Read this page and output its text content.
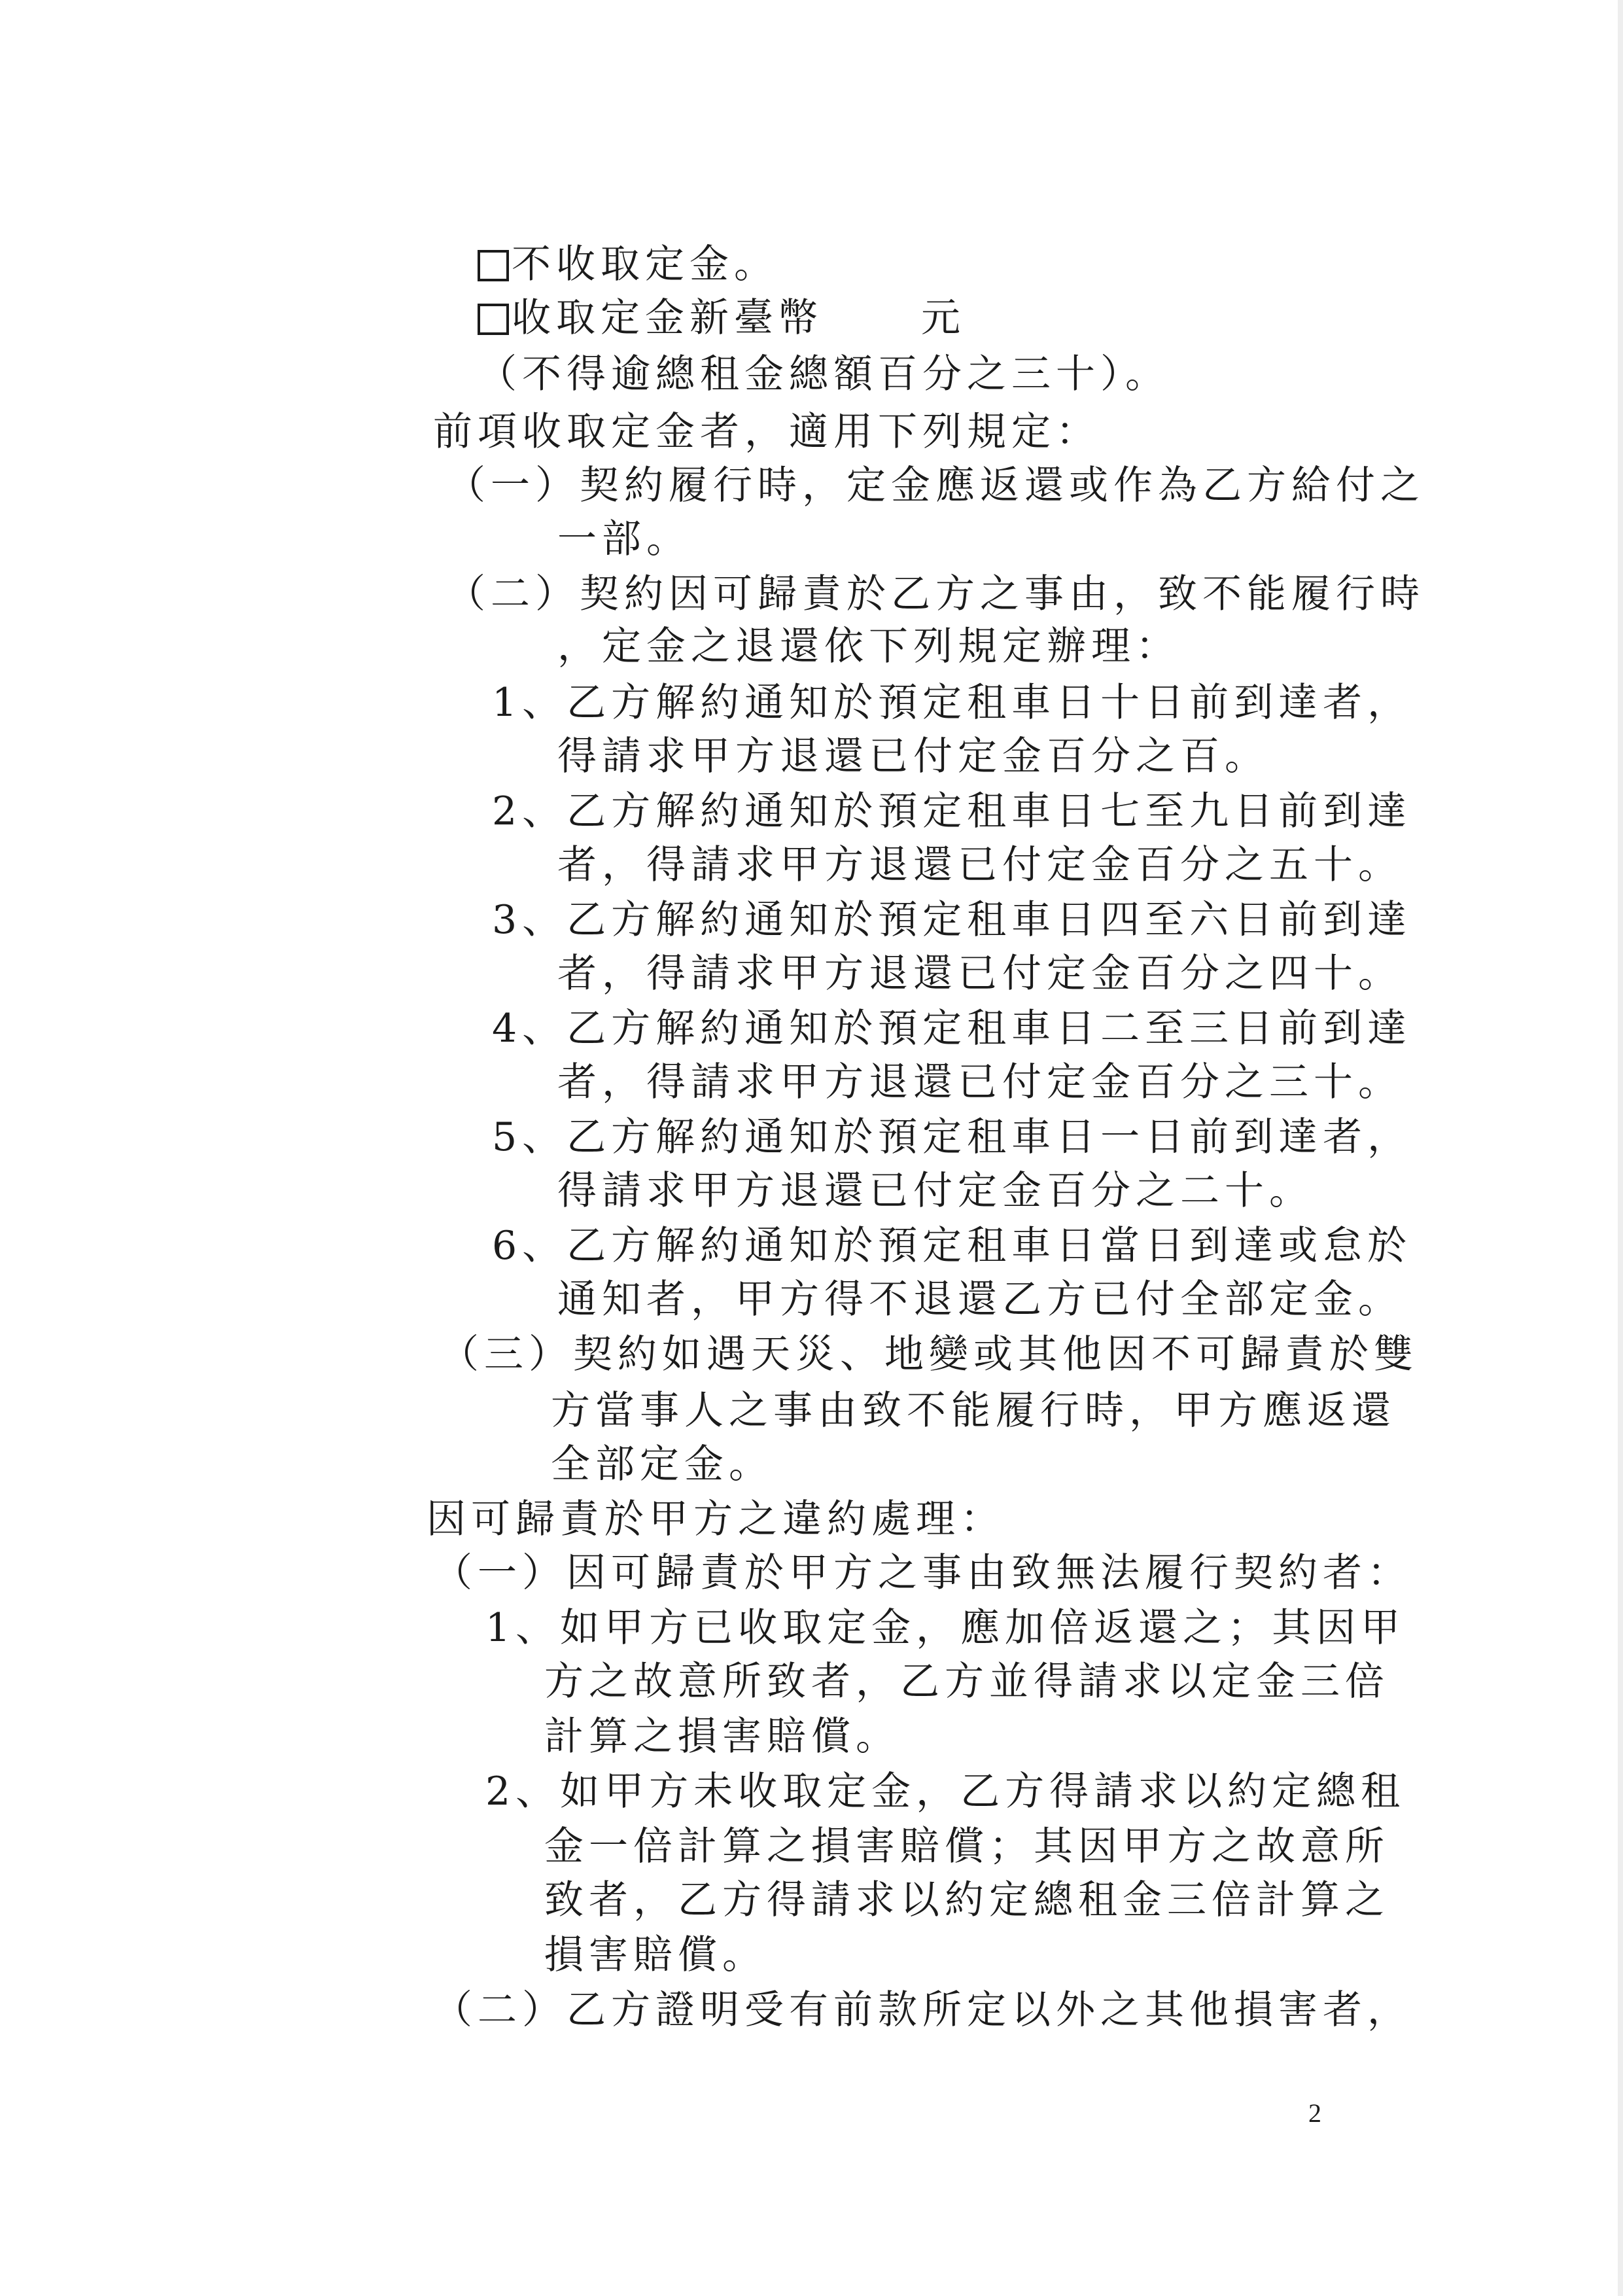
不收取定金。
收取定金新臺幣	元
（不得逾總租金總額百分之三十）。
前項收取定金者，適用下列規定：
（一）契約履行時，定金應返還或作為乙方給付之
一部。
（二）契約因可歸責於乙方之事由，致不能履行時
，定金之退還依下列規定辦理：
1、乙方解約通知於預定租車日十日前到達者，
得請求甲方退還已付定金百分之百。
2、乙方解約通知於預定租車日七至九日前到達
者，得請求甲方退還已付定金百分之五十。
3、乙方解約通知於預定租車日四至六日前到達
者，得請求甲方退還已付定金百分之四十。
4、乙方解約通知於預定租車日二至三日前到達
者，得請求甲方退還已付定金百分之三十。
5、乙方解約通知於預定租車日一日前到達者，
得請求甲方退還已付定金百分之二十。
6、乙方解約通知於預定租車日當日到達或怠於
通知者，甲方得不退還乙方已付全部定金。
（三）契約如遇天災、地變或其他因不可歸責於雙
方當事人之事由致不能履行時，甲方應返還
全部定金。
因可歸責於甲方之違約處理：
（一）因可歸責於甲方之事由致無法履行契約者：
1、如甲方已收取定金，應加倍返還之；其因甲
方之故意所致者，乙方並得請求以定金三倍
計算之損害賠償。
2、如甲方未收取定金，乙方得請求以約定總租
金一倍計算之損害賠償；其因甲方之故意所
致者，乙方得請求以約定總租金三倍計算之
損害賠償。
（二）乙方證明受有前款所定以外之其他損害者，
2
